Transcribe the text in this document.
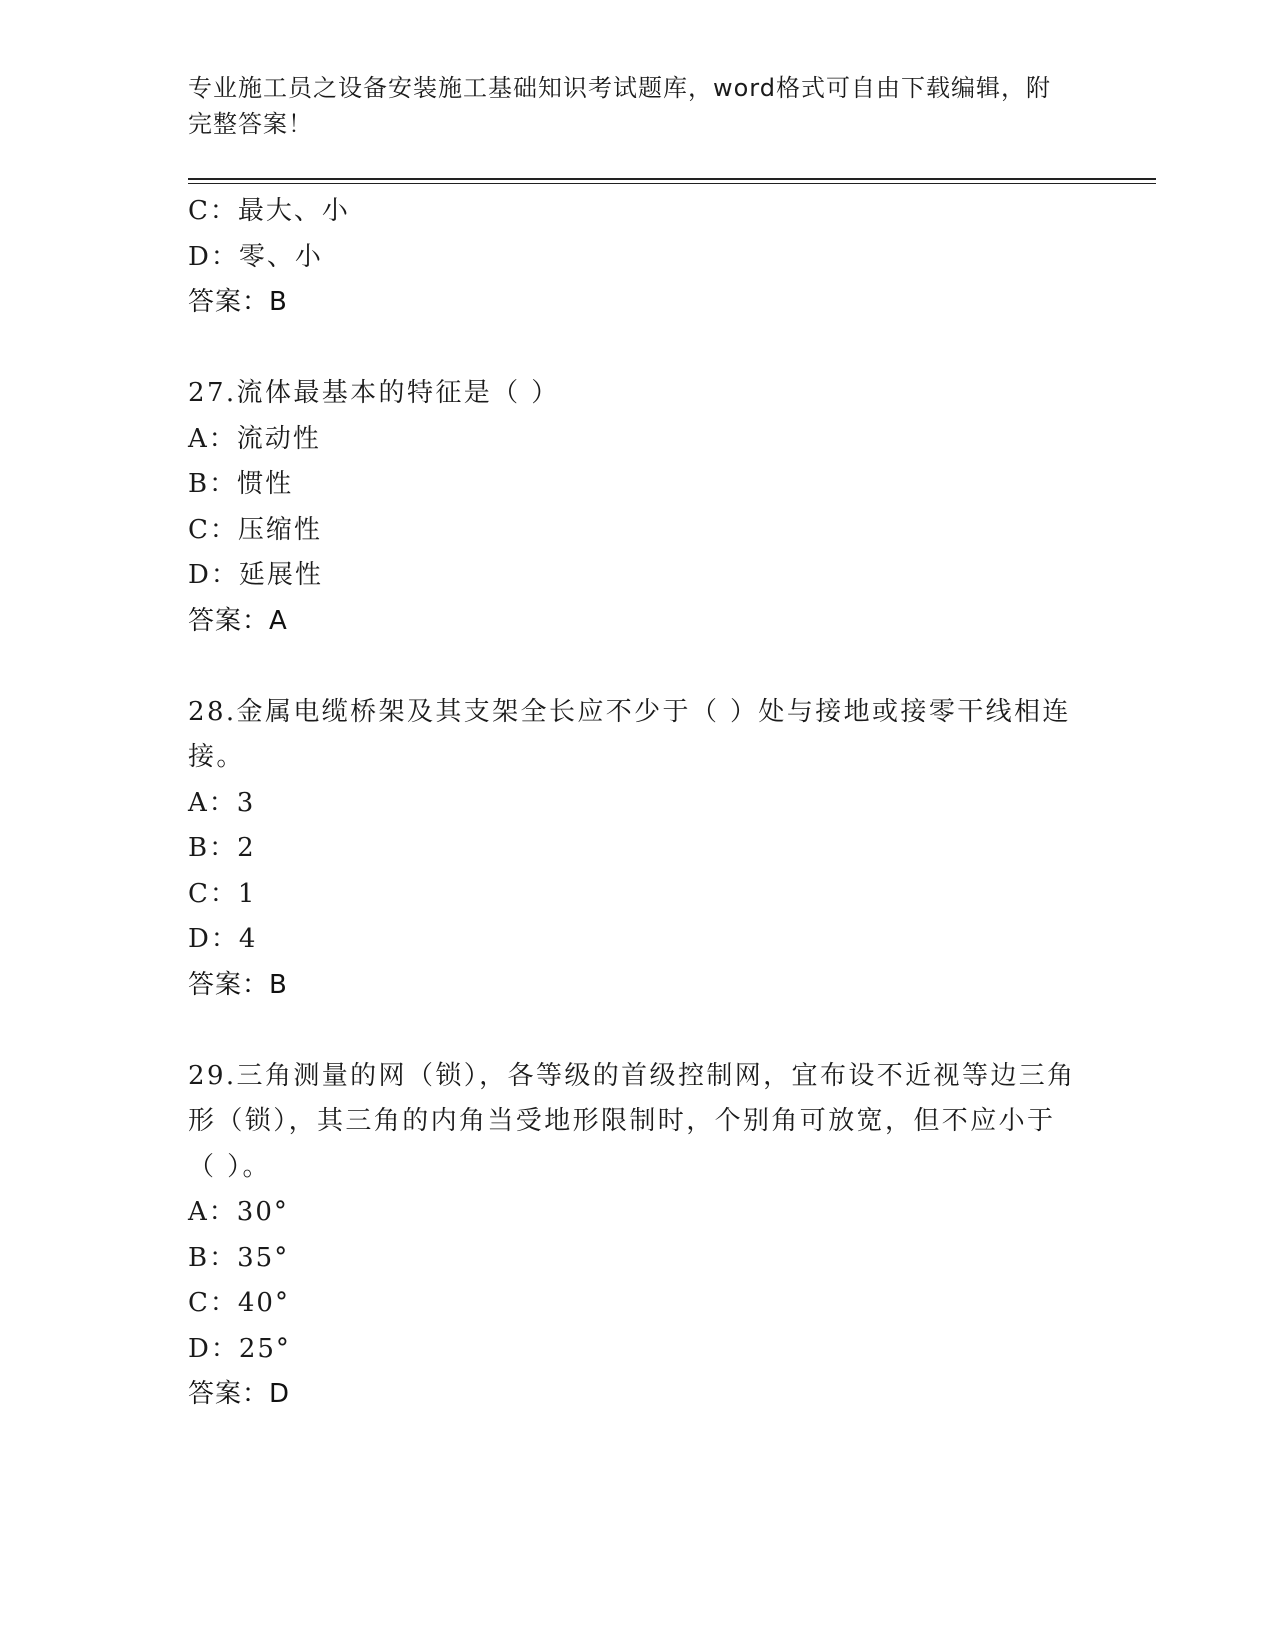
专业施工员之设备安装施工基础知识考试题库，word格式可自由下载编辑，附完整答案！
C：最大、小
D：零、小
答案：B
27.流体最基本的特征是（ ）
A：流动性
B：惯性
C：压缩性
D：延展性
答案：A
28.金属电缆桥架及其支架全长应不少于（ ）处与接地或接零干线相连接。
A：3
B：2
C：1
D：4
答案：B
29.三角测量的网（锁），各等级的首级控制网，宜布设不近视等边三角形（锁），其三角的内角当受地形限制时，个别角可放宽，但不应小于（ ）。
A：30°
B：35°
C：40°
D：25°
答案：D
